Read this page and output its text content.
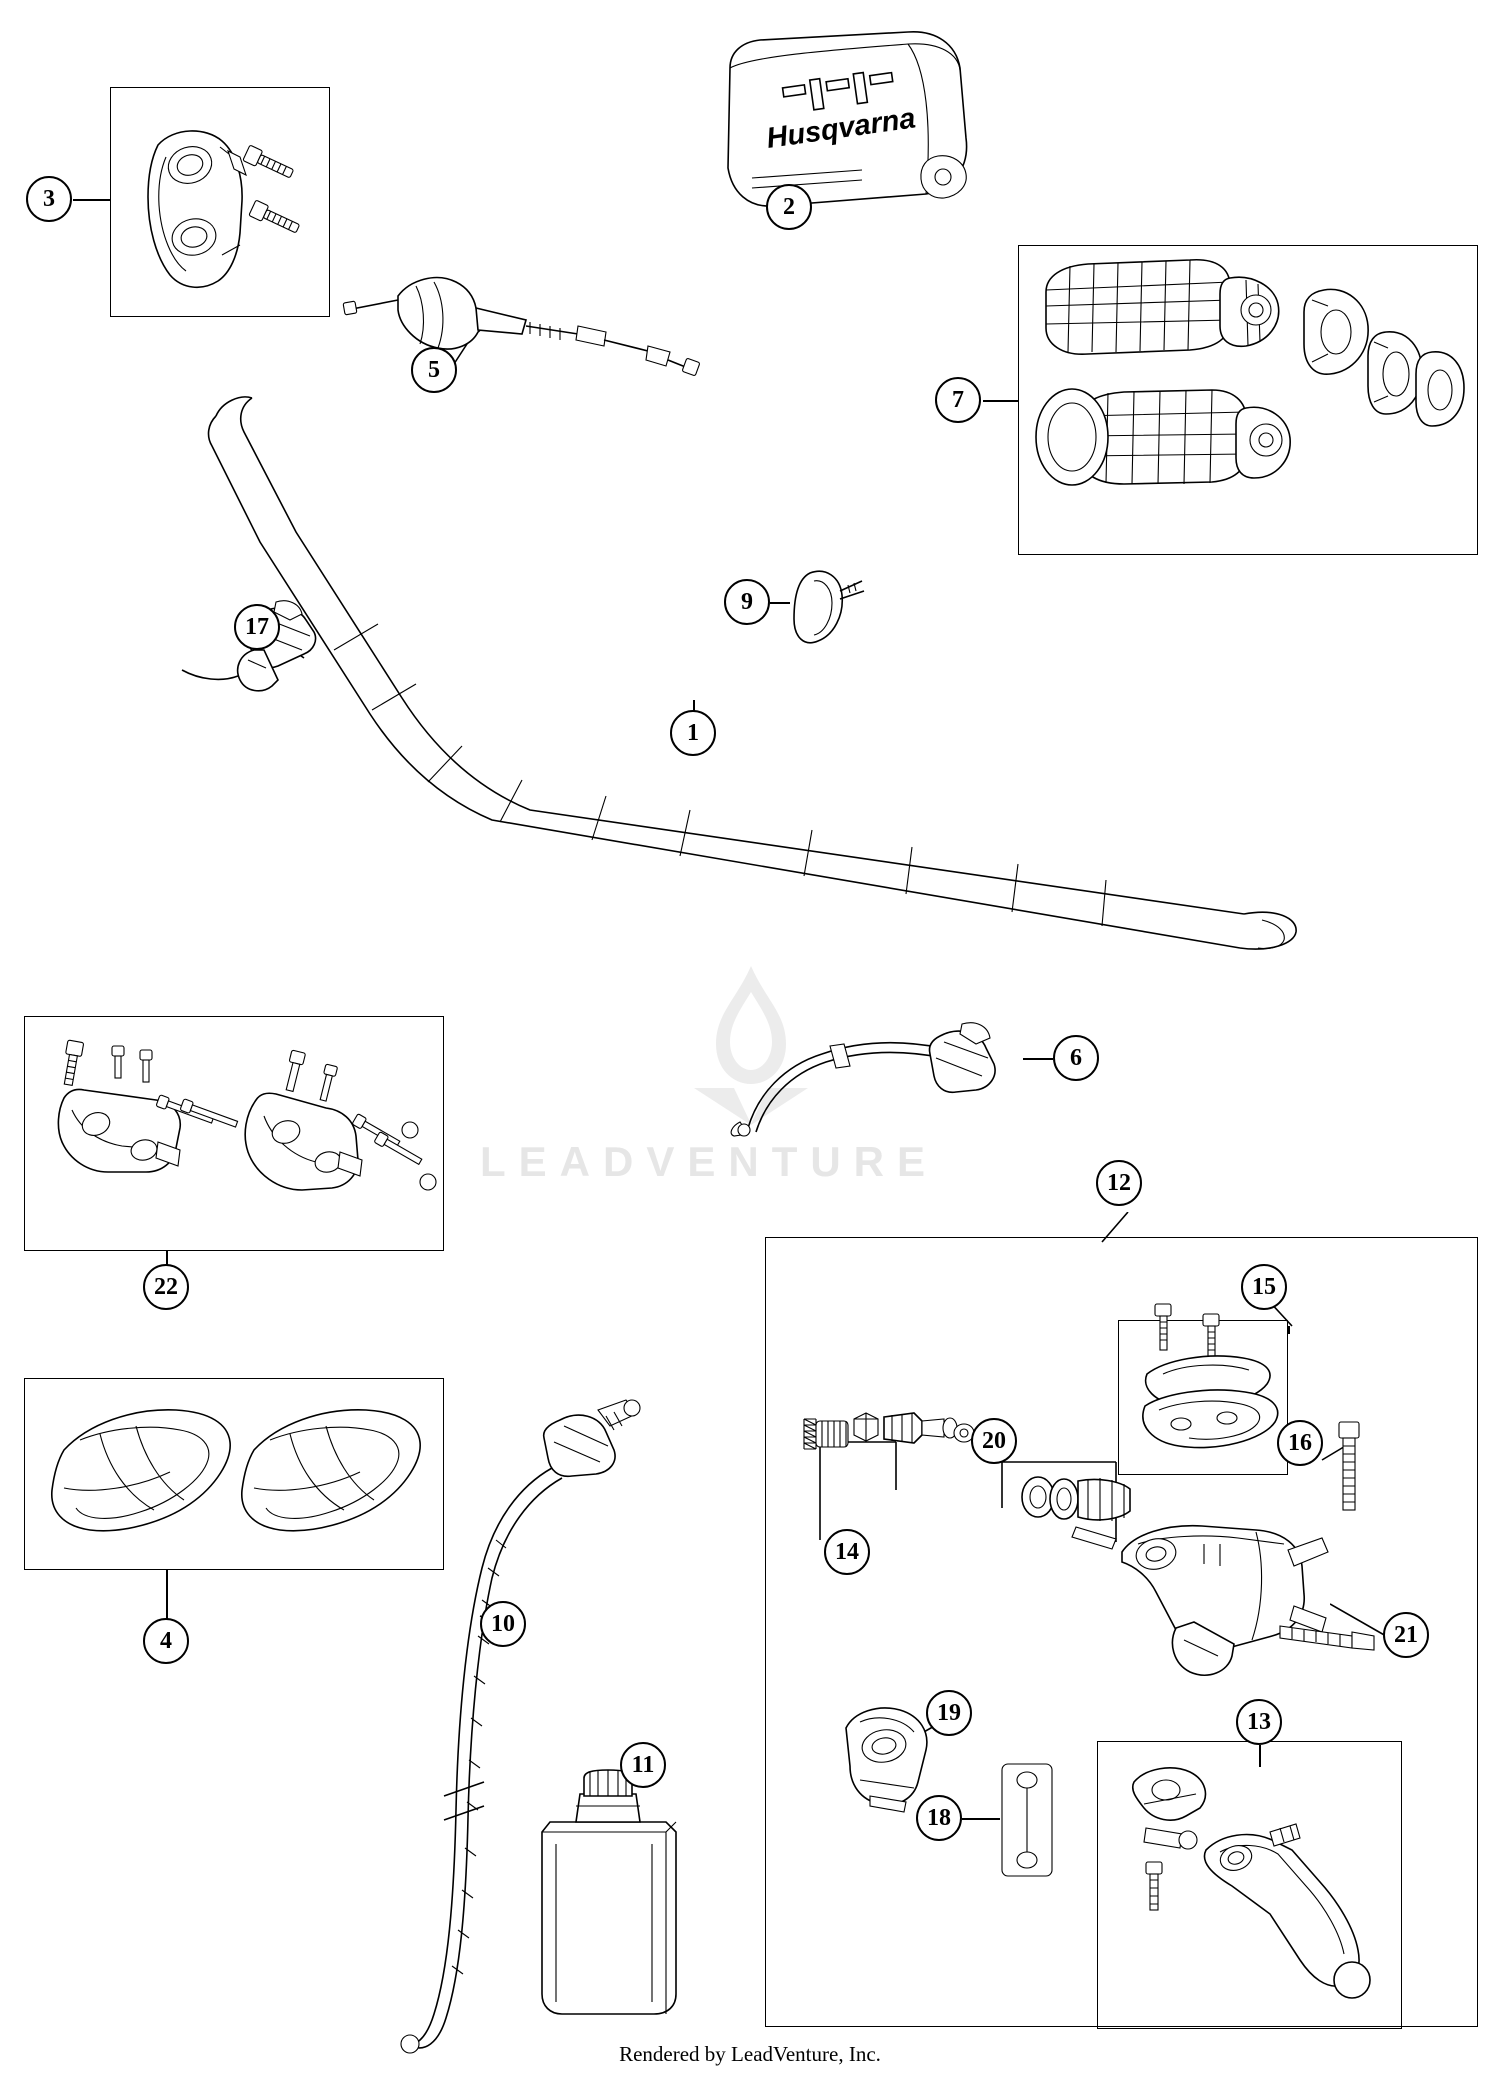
LEADVENTURE
Husqvarna
3	2
7
9
5
17
1
6
22
4
10
11
12
15
14
20	16
21
19
18
13
Rendered by LeadVenture, Inc.
